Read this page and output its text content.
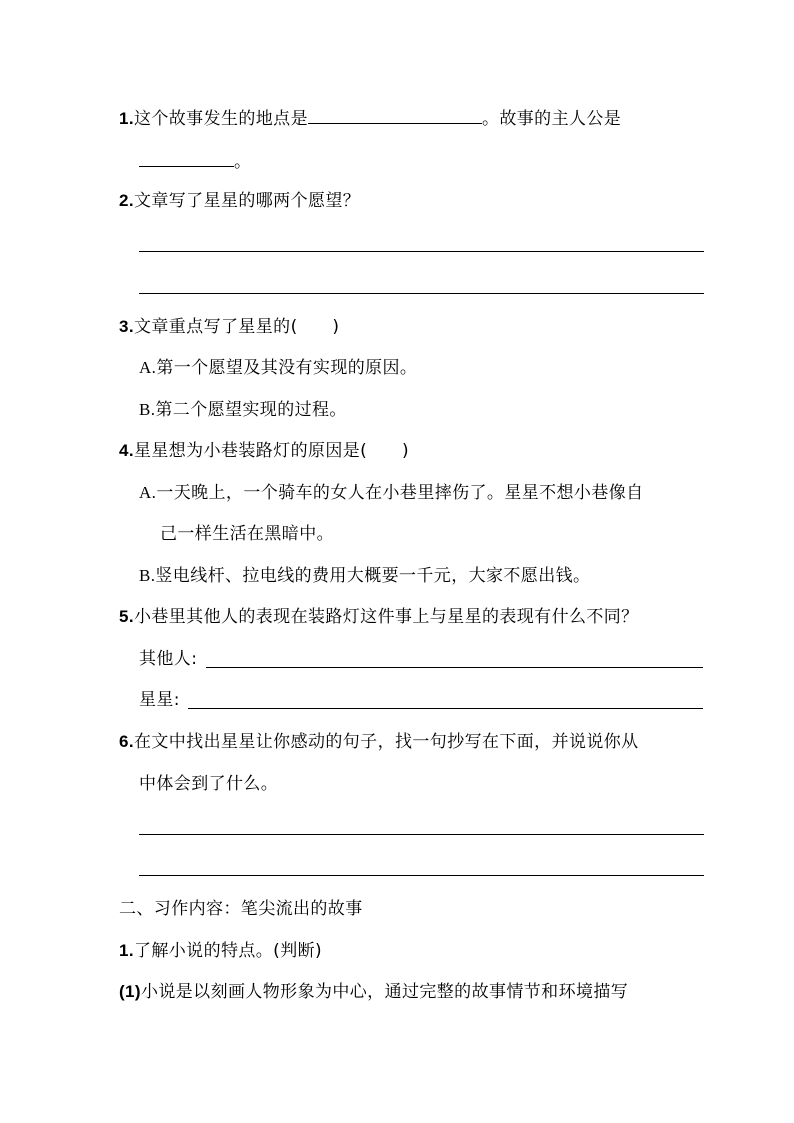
1.这个故事发生的地点是	。故事的主人公是
。
2.文章写了星星的哪两个愿望？
3.文章重点写了星星的(　　)
A.第一个愿望及其没有实现的原因。
B.第二个愿望实现的过程。
4.星星想为小巷装路灯的原因是(　　)
A.一天晚上，一个骑车的女人在小巷里摔伤了。星星不想小巷像自
己一样生活在黑暗中。
B.竖电线杆、拉电线的费用大概要一千元，大家不愿出钱。
5.小巷里其他人的表现在装路灯这件事上与星星的表现有什么不同？
其他人:
星星:
6.在文中找出星星让你感动的句子，找一句抄写在下面，并说说你从
中体会到了什么。
二、习作内容：笔尖流出的故事
1.了解小说的特点。(判断)
(1)小说是以刻画人物形象为中心，通过完整的故事情节和环境描写
